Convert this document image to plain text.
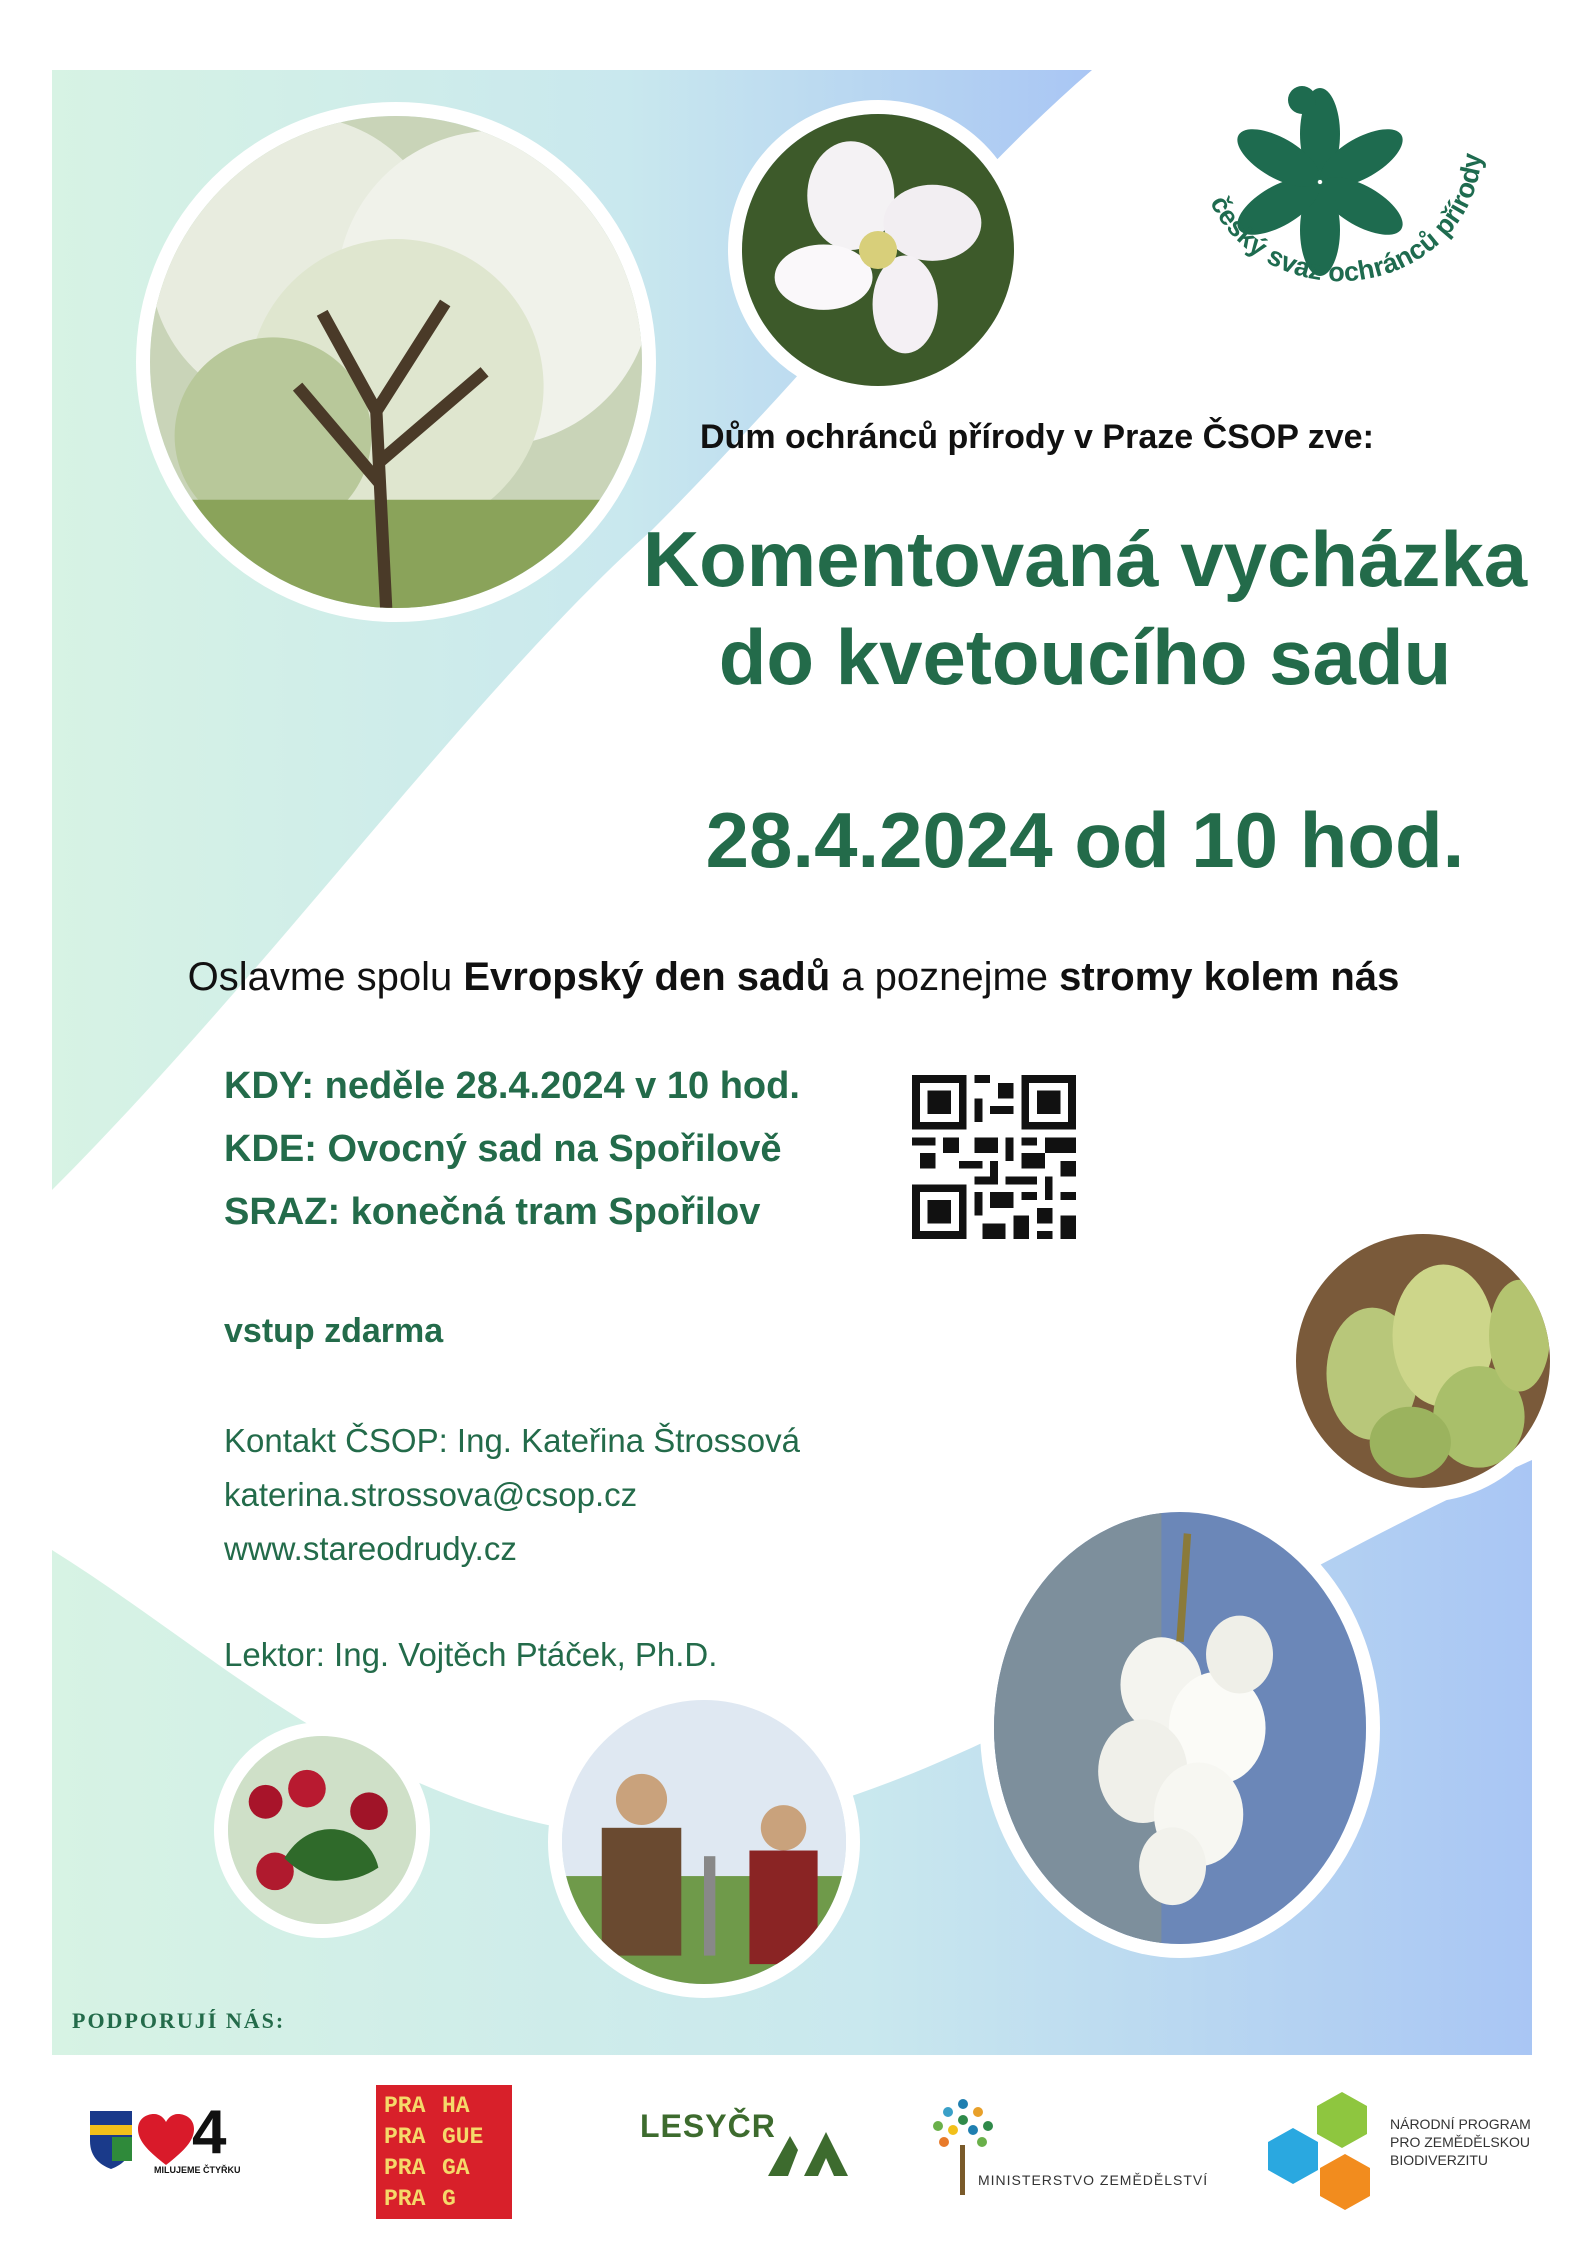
český svaz ochránců přírody
Dům ochránců přírody v Praze ČSOP zve:
Komentovaná vycházka
do kvetoucího sadu
28.4.2024 od 10 hod.
Oslavme spolu Evropský den sadů a poznejme stromy kolem nás
KDY: neděle 28.4.2024 v 10 hod.
KDE: Ovocný sad na Spořilově
SRAZ: konečná tram Spořilov
vstup zdarma
Kontakt ČSOP: Ing. Kateřina Štrossová
katerina.strossova@csop.cz
www.stareodrudy.cz
Lektor: Ing. Vojtěch Ptáček, Ph.D.
PODPORUJÍ NÁS:
4
MILUJEME ČTYŘKU
PRA HA
PRA GUE
PRA GA
PRA G
LESYČR
MINISTERSTVO ZEMĚDĚLSTVÍ
NÁRODNÍ PROGRAM
PRO ZEMĚDĚLSKOU
BIODIVERZITU
